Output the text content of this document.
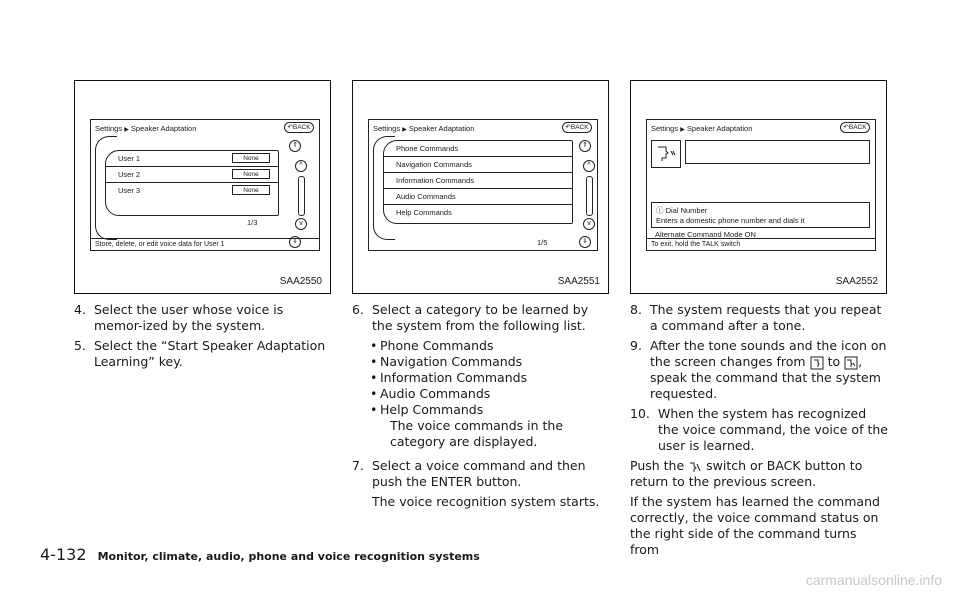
Settings ▶ Speaker Adaptation	↶BACK
User 1	None
User 2	None
User 3	None
1/3
⇑
^
v
⇓
Store, delete, or edit voice data for User 1
SAA2550
Settings ▶ Speaker Adaptation	↶BACK
Phone Commands
Navigation Commands
Information Commands
Audio Commands
Help Commands
1/5
⇑
^
v
⇓
SAA2551
Settings ▶ Speaker Adaptation	↶BACK
ⓘ Dial Number
Enters a domestic phone number and dials it
Alternate Command Mode ON
To exit, hold the TALK switch
SAA2552
4. Select the user whose voice is memor-ized by the system.
5. Select the “Start Speaker Adaptation Learning” key.
6. Select a category to be learned by the system from the following list.
• Phone Commands
• Navigation Commands
• Information Commands
• Audio Commands
• Help Commands
The voice commands in the category are displayed.
7. Select a voice command and then push the ENTER button.
The voice recognition system starts.
8. The system requests that you repeat a command after a tone.
9. After the tone sounds and the icon on the screen changes from to , speak the command that the system requested.
10. When the system has recognized the voice command, the voice of the user is learned.
Push the switch or BACK button to return to the previous screen.
If the system has learned the command correctly, the voice command status on the right side of the command turns from
4-132 Monitor, climate, audio, phone and voice recognition systems
carmanualsonline.info
